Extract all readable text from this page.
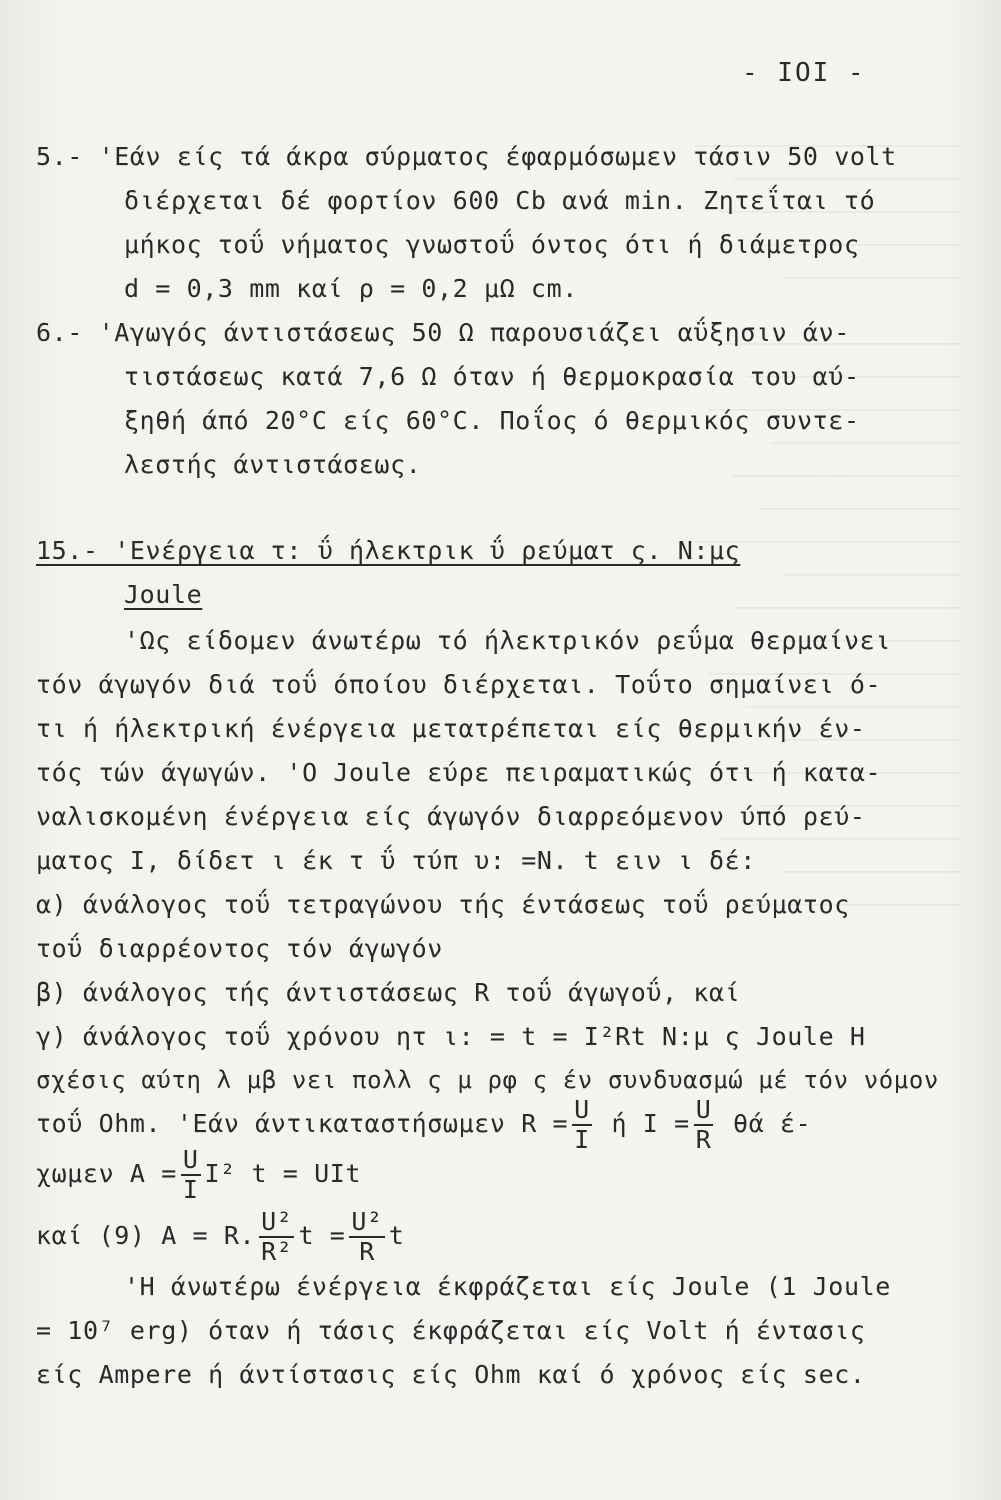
- IOI -
5.- 'Εάν είς τά άκρα σύρματος έφαρμόσωμεν τάσιν 50 volt
διέρχεται δέ φορτίον 600 Cb ανά min. Ζητεΐται τό
μήκος τοΰ νήματος γνωστοΰ όντος ότι ή διάμετρος
d = 0,3 mm καί ρ = 0,2 μΩ cm.
6.- 'Αγωγός άντιστάσεως 50 Ω παρουσιάζει αΰξησιν άν-
τιστάσεως κατά 7,6 Ω όταν ή θερμοκρασία του αύ-
ξηθή άπό 20°C είς 60°C. Ποΐος ό θερμικός συντε-
λεστής άντιστάσεως.
15.- 'Ενέργεια τ: ΰ ήλεκτρικ ΰ ρεύματ ς. Ν:μς
Joule
'Ως είδομεν άνωτέρω τό ήλεκτρικόν ρεΰμα θερμαίνει
τόν άγωγόν διά τοΰ όποίου διέρχεται. Τοΰτο σημαίνει ό-
τι ή ήλεκτρική ένέργεια μετατρέπεται είς θερμικήν έν-
τός τών άγωγών. 'Ο Joule εύρε πειραματικώς ότι ή κατα-
ναλισκομένη ένέργεια είς άγωγόν διαρρεόμενον ύπό ρεύ-
ματος I, δίδετ ι έκ τ ΰ τύπ υ: =N. t ειν ι δέ:
α) άνάλογος τοΰ τετραγώνου τής έντάσεως τοΰ ρεύματος
τοΰ διαρρέοντος τόν άγωγόν
β) άνάλογος τής άντιστάσεως R τοΰ άγωγοΰ, καί
γ) άνάλογος τοΰ χρόνου ητ ι: = t = I²Rt Ν:μ ς Joule Η
σχέσις αύτη λ μβ νει πολλ ς μ ρφ ς έν συνδυασμώ μέ τόν νόμον
τοΰ Ohm. 'Εάν άντικαταστήσωμεν $R = \frac{U}{I}$ ή $I = \frac{U}{R}$ θά έ-
χωμεν $A = \frac{U}{I} I^2$ t = UIt
καί (9) A = R. $\frac{\text{U²}}{\text{R²}}$ $t = \frac{\text{U²}}{R}$ t
'Η άνωτέρω ένέργεια έκφράζεται είς Joule (1 Joule
= 10⁷ erg) όταν ή τάσις έκφράζεται είς Volt ή έντασις
είς Ampere ή άντίστασις είς Ohm καί ό χρόνος είς sec.
